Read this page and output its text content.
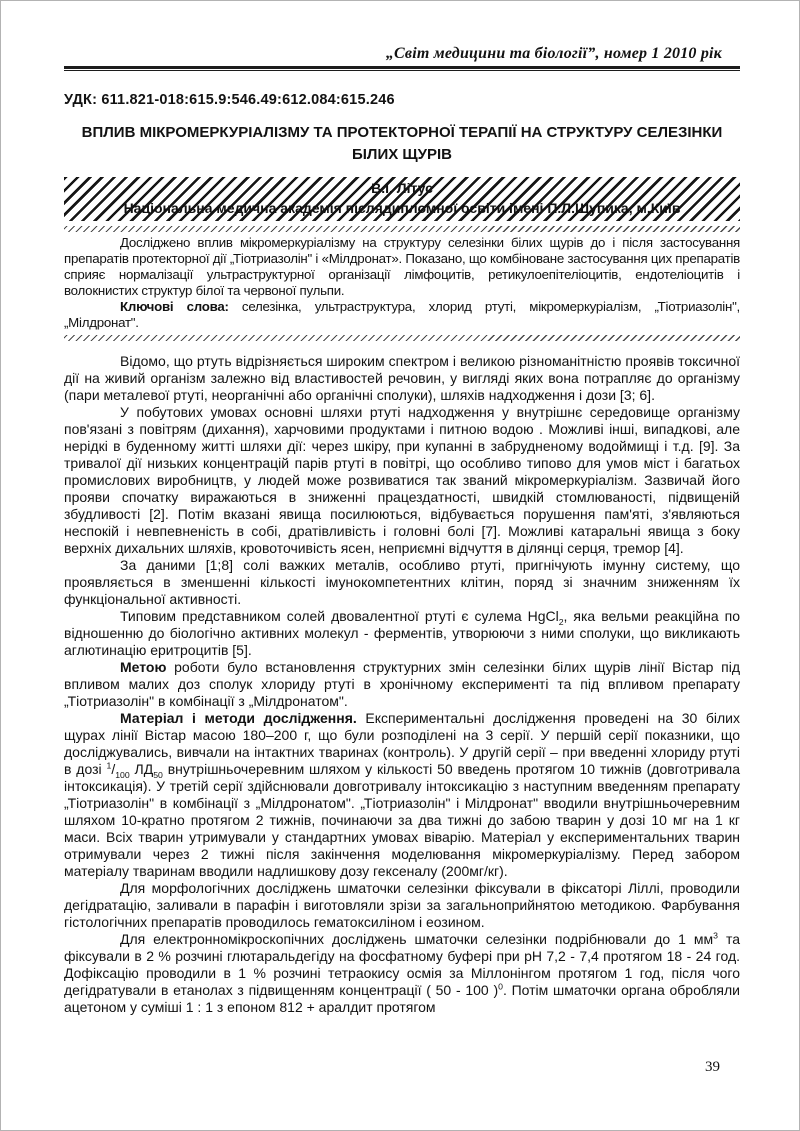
„Світ медицини та біології”, номер 1 2010 рік
УДК: 611.821-018:615.9:546.49:612.084:615.246
ВПЛИВ МІКРОМЕРКУРІАЛІЗМУ ТА ПРОТЕКТОРНОЇ ТЕРАПІЇ НА СТРУКТУРУ СЕЛЕЗІНКИ
БІЛИХ ЩУРІВ
В.І. Літус
Національна медична академія післядипломної освіти імені П.Л.Шупика, м.Київ

Досліджено вплив мікромеркуріалізму на структуру селезінки білих щурів до і після застосування препаратів протекторної дії „Тіотриазолін" і «Мілдронат». Показано, що комбіноване застосування цих препаратів сприяє нормалізації ультраструктурної організації лімфоцитів, ретикулоепітеліоцитів, ендотеліоцитів і волокнистих структур білої та червоної пульпи.

Ключові слова: селезінка, ультраструктура, хлорид ртуті, мікромеркуріалізм, „Тіотриазолін", „Мілдронат".

Відомо, що ртуть відрізняється широким спектром і великою різноманітністю проявів токсичної дії на живий організм залежно від властивостей речовин, у вигляді яких вона потрапляє до організму (пари металевої ртуті, неорганічні або органічні сполуки), шляхів надходження і дози [3; 6].

У побутових умовах основні шляхи ртуті надходження у внутрішнє середовище організму пов'язані з повітрям (дихання), харчовими продуктами і питною водою . Можливі інші, випадкові, але нерідкі в буденному житті шляхи дії: через шкіру, при купанні в забрудненому водоймищі і т.д. [9]. За тривалої дії низьких концентрацій парів ртуті в повітрі, що особливо типово для умов міст і багатьох промислових виробництв, у людей може розвиватися так званий мікромеркуріалізм. Зазвичай його прояви спочатку виражаються в зниженні працездатності, швидкій стомлюваності, підвищеній збудливості [2]. Потім вказані явища посилюються, відбувається порушення пам'яті, з'являються неспокій і невпевненість в собі, дратівливість і головні болі [7]. Можливі катаральні явища з боку верхніх дихальних шляхів, кровоточивість ясен, неприємні відчуття в ділянці серця, тремор [4].

За даними [1;8] солі важких металів, особливо ртуті, пригнічують імунну систему, що проявляється в зменшенні кількості імунокомпетентних клітин, поряд зі значним зниженням їх функціональної активності.

Типовим представником солей двовалентної ртуті є сулема HgCl$_2$, яка вельми реакційна по відношенню до біологічно активних молекул - ферментів, утворюючи з ними сполуки, що викликають аглютинацію еритроцитів [5].

Метою роботи було встановлення структурних змін селезінки білих щурів лінії Вістар під впливом малих доз сполук хлориду ртуті в хронічному експерименті та під впливом препарату „Тіотриазолін" в комбінації з „Мілдронатом".

Матеріал і методи дослідження. Експериментальні дослідження проведені на 30 білих щурах лінії Вістар масою 180–200 г, що були розподілені на 3 серії. У першій серії показники, що досліджувались, вивчали на інтактних тваринах (контроль). У другій серії – при введенні хлориду ртуті в дозі $^1/_{100}$ $ЛД_{50}$ внутрішньочеревним шляхом у кількості 50 введень протягом 10 тижнів (довготривала інтоксикація). У третій серії здійснювали довготривалу інтоксикацію з наступним введенням препарату „Тіотриазолін" в комбінації з „Мілдронатом". „Тіотриазолін" і Мілдронат" вводили внутрішньочеревним шляхом 10-кратно протягом 2 тижнів, починаючи за два тижні до забою тварин у дозі 10 мг на 1 кг маси. Всіх тварин утримували у стандартних умовах віварію. Матеріал у експериментальних тварин отримували через 2 тижні після закінчення моделювання мікромеркуріалізму. Перед забором матеріалу тваринам вводили надлишкову дозу гексеналу (200мг/кг).

Для морфологічних досліджень шматочки селезінки фіксували в фіксаторі Ліллі, проводили дегідратацію, заливали в парафін і виготовляли зрізи за загальноприйнятою методикою. Фарбування гістологічних препаратів проводилось гематоксиліном і еозином.

Для електронномікроскопічних досліджень шматочки селезінки подрібнювали до 1 $мм^3$ та фіксували в 2 % розчині глютаральдегіду на фосфатному буфері при рН 7,2 - 7,4 протягом 18 - 24 год. Дофіксацію проводили в 1 % розчині тетраокису осмія за Міллонінгом протягом 1 год, після чого дегідратували в етанолах з підвищенням концентрації ( 50 - 100 )$^0$. Потім шматочки органа обробляли ацетоном у суміші 1 : 1 з епоном 812 + аралдит протягом

39
